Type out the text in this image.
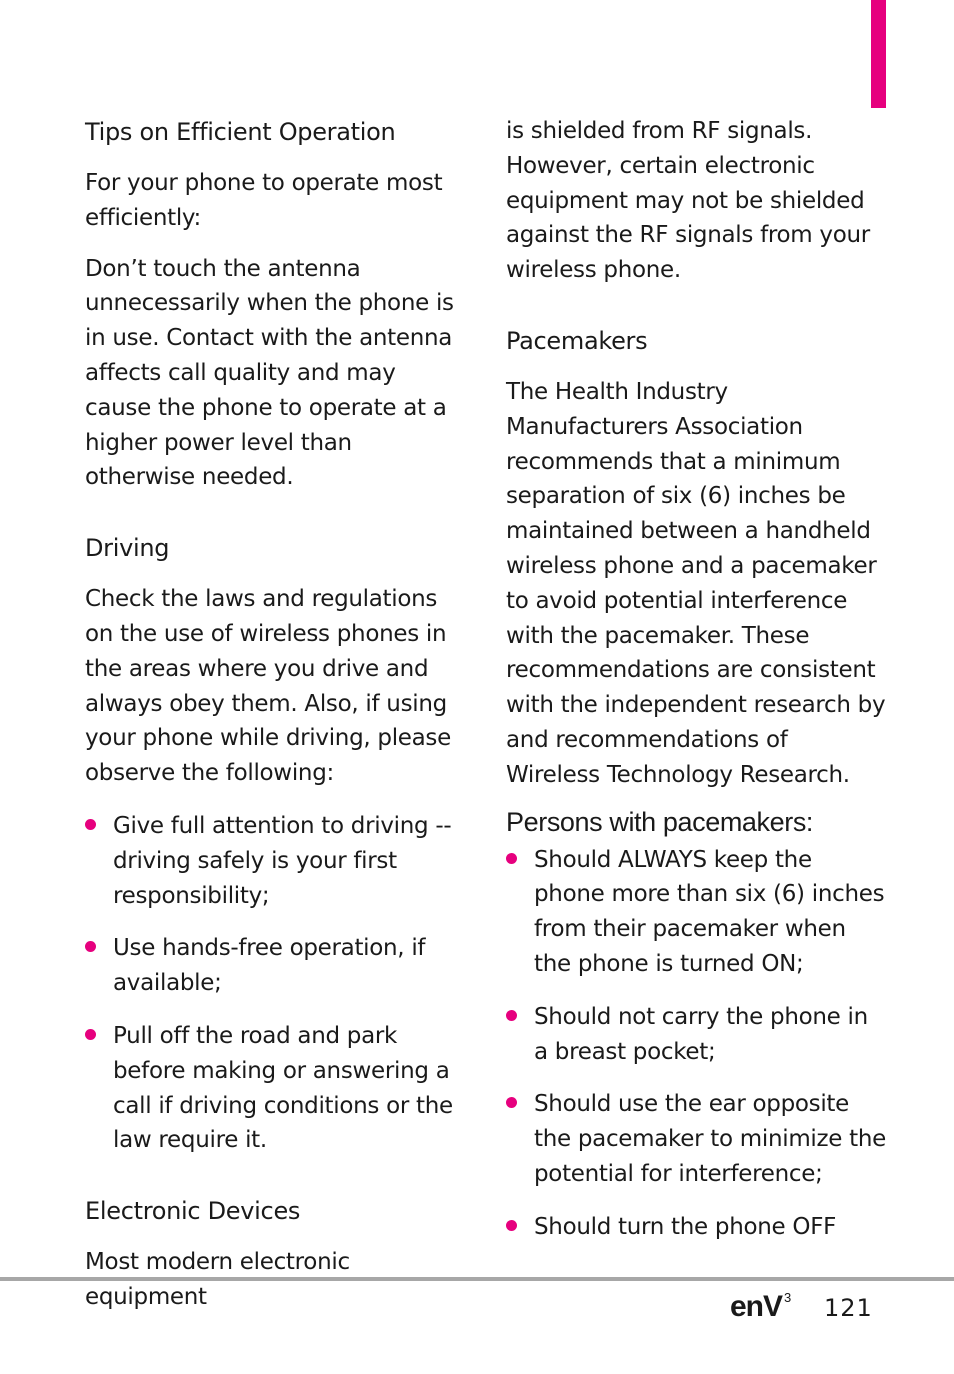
Tips on Efficient Operation

For your phone to operate most efficiently:

Don’t touch the antenna unnecessarily when the phone is in use. Contact with the antenna affects call quality and may cause the phone to operate at a higher power level than otherwise needed.

Driving

Check the laws and regulations on the use of wireless phones in the areas where you drive and always obey them. Also, if using your phone while driving, please observe the following:

Give full attention to driving -- driving safely is your first responsibility;
Use hands-free operation, if available;
Pull off the road and park before making or answering a call if driving conditions or the law require it.
Electronic Devices

Most modern electronic equipment

is shielded from RF signals. However, certain electronic equipment may not be shielded against the RF signals from your wireless phone.

Pacemakers

The Health Industry Manufacturers Association recommends that a minimum separation of six (6) inches be maintained between a handheld wireless phone and a pacemaker to avoid potential interference with the pacemaker. These recommendations are consistent with the independent research by and recommendations of Wireless Technology Research.

Persons with pacemakers:
Should ALWAYS keep the phone more than six (6) inches from their pacemaker when the phone is turned ON;
Should not carry the phone in a breast pocket;
Should use the ear opposite the pacemaker to minimize the potential for interference;
Should turn the phone OFF
enV $^3$ 121
